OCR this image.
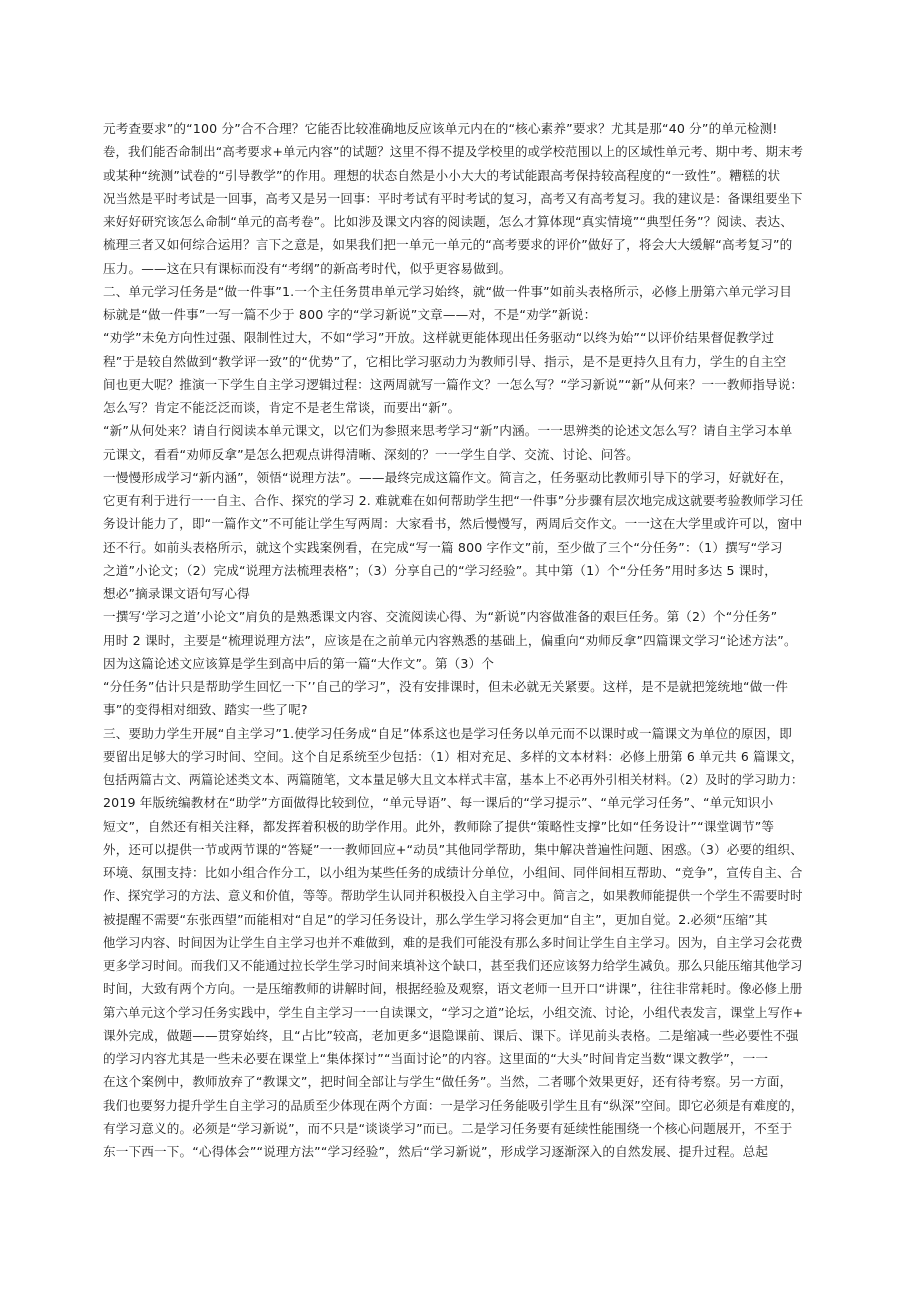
元考查要求”的“100 分”合不合理？它能否比较准确地反应该单元内在的“核心素养”要求？尤其是那“40 分”的单元检测!
卷，我们能否命制出“高考要求+单元内容”的试题？这里不得不提及学校里的或学校范围以上的区域性单元考、期中考、期末考
或某种“统测”试卷的“引导教学”的作用。理想的状态自然是小小大大的考试能跟高考保持较高程度的“一致性”。糟糕的状
况当然是平时考试是一回事，高考又是另一回事：平时考试有平时考试的复习，高考又有高考复习。我的建议是：备课组要坐下
来好好研究该怎么命制“单元的高考卷”。比如涉及课文内容的阅读题，怎么才算体现“真实情境”“典型任务”？阅读、表达、
梳理三者又如何综合运用？言下之意是，如果我们把一单元一单元的“高考要求的评价”做好了，将会大大缓解“高考复习”的
压力。——这在只有课标而没有“考纲”的新高考时代，似乎更容易做到。
二、单元学习任务是“做一件事”1.一个主任务贯串单元学习始终，就“做一件事”如前头表格所示，必修上册第六单元学习目
标就是“做一件事”一写一篇不少于 800 字的“学习新说”文章——对，不是“劝学”新说：
“劝学”未免方向性过强、限制性过大，不如“学习”开放。这样就更能体现出任务驱动“以终为始”“以评价结果督促教学过
程”于是较自然做到“教学评一致”的“优势”了，它相比学习驱动力为教师引导、指示，是不是更持久且有力，学生的自主空
间也更大呢？推演一下学生自主学习逻辑过程：这两周就写一篇作文？一怎么写？“学习新说”“新”从何来？一一教师指导说：
怎么写？肯定不能泛泛而谈，肯定不是老生常谈，而要出“新”。
“新”从何处来？请自行阅读本单元课文，以它们为参照来思考学习“新”内涵。一一思辨类的论述文怎么写？请自主学习本单
元课文，看看“劝师反拿”是怎么把观点讲得清晰、深刻的？一一学生自学、交流、讨论、问答。
一慢慢形成学习“新内涵”，领悟“说理方法”。——最终完成这篇作文。简言之，任务驱动比教师引导下的学习，好就好在，
它更有利于进行一一自主、合作、探究的学习 2. 难就难在如何帮助学生把“一件事”分步骤有层次地完成这就要考验教师学习任
务设计能力了，即“一篇作文”不可能让学生写两周：大家看书，然后慢慢写，两周后交作文。一一这在大学里或许可以，窗中
还不行。如前头表格所示，就这个实践案例看，在完成“写一篇 800 字作文”前，至少做了三个“分任务”：（1）撰写“学习
之道”小论文；（2）完成“说理方法梳理表格”；（3）分享自己的“学习经验”。其中第（1）个“分任务”用时多达 5 课时，
想必”摘录课文语句写心得
一撰写‘学习之道’小论文”肩负的是熟悉课文内容、交流阅读心得、为“新说”内容做准备的艰巨任务。第（2）个“分任务”
用时 2 课时，主要是“梳理说理方法”，应该是在之前单元内容熟悉的基础上，偏重向“劝师反拿”四篇课文学习“论述方法”。
因为这篇论述文应该算是学生到高中后的第一篇“大作文”。第（3）个
“分任务”估计只是帮助学生回忆一下’’自己的学习”，没有安排课时，但未必就无关紧要。这样，是不是就把笼统地“做一件
事”的变得相对细致、踏实一些了呢?
三、要助力学生开展“自主学习”1.使学习任务成“自足”体系这也是学习任务以单元而不以课时或一篇课文为单位的原因，即
要留出足够大的学习时间、空间。这个自足系统至少包括：（1）相对充足、多样的文本材料：必修上册第 6 单元共 6 篇课文，
包括两篇古文、两篇论述类文本、两篇随笔，文本量足够大且文本样式丰富，基本上不必再外引相关材料。（2）及时的学习助力：
2019 年版统编教材在“助学”方面做得比较到位，“单元导语”、每一课后的“学习提示”、“单元学习任务”、“单元知识小
短文”，自然还有相关注释，都发挥着积极的助学作用。此外，教师除了提供“策略性支撑”比如“任务设计”“课堂调节”等
外，还可以提供一节或两节课的“答疑”一一教师回应+“动员”其他同学帮助，集中解决普遍性问题、困惑。（3）必要的组织、
环境、氛围支持：比如小组合作分工，以小组为某些任务的成绩计分单位，小组间、同伴间相互帮助、“竞争”，宣传自主、合
作、探究学习的方法、意义和价值，等等。帮助学生认同并积极投入自主学习中。简言之，如果教师能提供一个学生不需要时时
被提醒不需要“东张西望”而能相对“自足”的学习任务设计，那么学生学习将会更加“自主”，更加自觉。2.必须“压缩”其
他学习内容、时间因为让学生自主学习也并不难做到，难的是我们可能没有那么多时间让学生自主学习。因为，自主学习会花费
更多学习时间。而我们又不能通过拉长学生学习时间来填补这个缺口，甚至我们还应该努力给学生减负。那么只能压缩其他学习
时间，大致有两个方向。一是压缩教师的讲解时间，根据经验及观察，语文老师一旦开口“讲课”，往往非常耗时。像必修上册
第六单元这个学习任务实践中，学生自主学习一一自读课文，“学习之道”论坛，小组交流、讨论，小组代表发言，课堂上写作+
课外完成，做题——贯穿始终，且“占比”较高，老加更多“退隐课前、课后、课下。详见前头表格。二是缩减一些必要性不强
的学习内容尤其是一些未必要在课堂上“集体探讨”“当面讨论”的内容。这里面的“大头”时间肯定当数“课文教学”，一一
在这个案例中，教师放弃了“教课文”，把时间全部让与学生“做任务”。当然，二者哪个效果更好，还有待考察。另一方面，
我们也要努力提升学生自主学习的品质至少体现在两个方面：一是学习任务能吸引学生且有“纵深”空间。即它必须是有难度的，
有学习意义的。必须是“学习新说”，而不只是“谈谈学习”而已。二是学习任务要有延续性能围绕一个核心问题展开，不至于
东一下西一下。“心得体会”“说理方法”“学习经验”，然后“学习新说”，形成学习逐渐深入的自然发展、提升过程。总起
